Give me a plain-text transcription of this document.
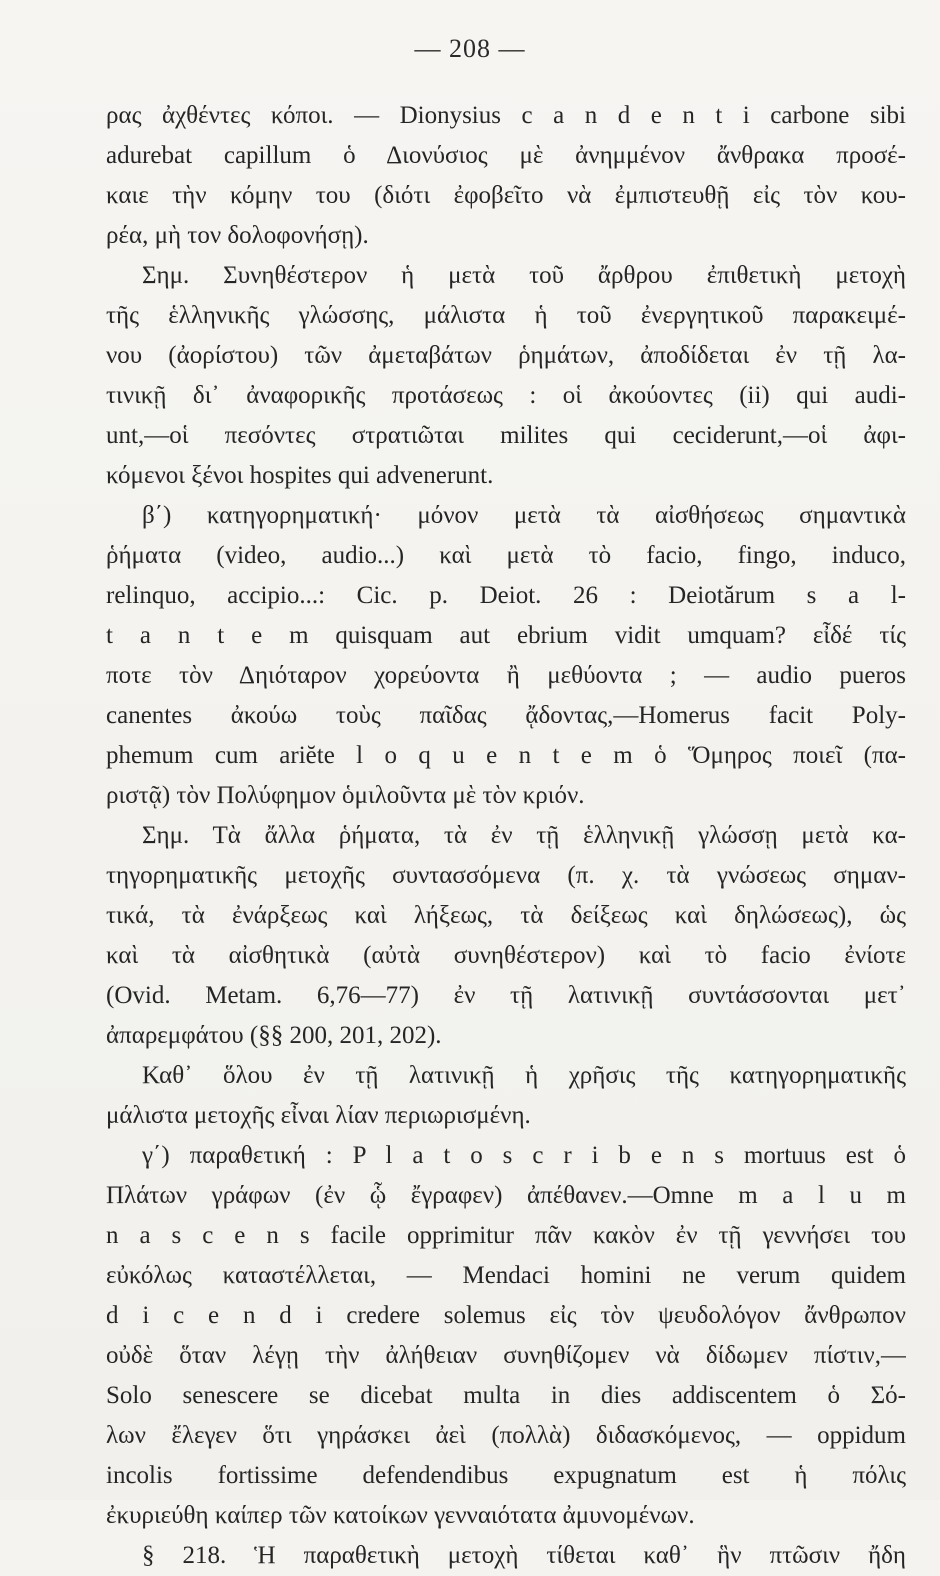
— 208 —
ρας ἀχθέντες κόποι. — Dionysius c a n d e n t i carbone sibi
adurebat capillum ὁ Διονύσιος μὲ ἀνημμένον ἄνθρακα προσέ-
καιε τὴν κόμην του (διότι ἐφοβεῖτο νὰ ἐμπιστευθῇ εἰς τὸν κου-
ρέα, μὴ τον δολοφονήσῃ).
Σημ. Συνηθέστερον ἡ μετὰ τοῦ ἄρθρου ἐπιθετικὴ μετοχὴ
τῆς ἑλληνικῆς γλώσσης, μάλιστα ἡ τοῦ ἐνεργητικοῦ παρακειμέ-
νου (ἀορίστου) τῶν ἀμεταβάτων ῥημάτων, ἀποδίδεται ἐν τῇ λα-
τινικῇ δι᾽ ἀναφορικῆς προτάσεως : οἱ ἀκούοντες (ii) qui audi-
unt,—οἱ πεσόντες στρατιῶται milites qui ceciderunt,—οἱ ἀφι-
κόμενοι ξένοι hospites qui advenerunt.
β΄) κατηγορηματική· μόνον μετὰ τὰ αἰσθήσεως σημαντικὰ
ῥήματα (video, audio...) καὶ μετὰ τὸ facio, fingo, induco,
relinquo, accipio...: Cic. p. Deiot. 26 : Deiotărum s a l-
t a n t e m quisquam aut ebrium vidit umquam? εἶδέ τίς
ποτε τὸν Δηιόταρον χορεύοντα ἢ μεθύοντα ; — audio pueros
canentes ἀκούω τοὺς παῖδας ᾄδοντας,—Homerus facit Poly-
phemum cum ariĕte l o q u e n t e m ὁ Ὅμηρος ποιεῖ (πα-
ριστᾷ) τὸν Πολύφημον ὁμιλοῦντα μὲ τὸν κριόν.
Σημ. Τὰ ἄλλα ῥήματα, τὰ ἐν τῇ ἑλληνικῇ γλώσσῃ μετὰ κα-
τηγορηματικῆς μετοχῆς συντασσόμενα (π. χ. τὰ γνώσεως σημαν-
τικά, τὰ ἐνάρξεως καὶ λήξεως, τὰ δείξεως καὶ δηλώσεως), ὡς
καὶ τὰ αἰσθητικὰ (αὐτὰ συνηθέστερον) καὶ τὸ facio ἐνίοτε
(Ovid. Metam. 6,76—77) ἐν τῇ λατινικῇ συντάσσονται μετ᾽
ἀπαρεμφάτου (§§ 200, 201, 202).
Καθ᾽ ὅλου ἐν τῇ λατινικῇ ἡ χρῆσις τῆς κατηγορηματικῆς
μάλιστα μετοχῆς εἶναι λίαν περιωρισμένη.
γ΄) παραθετική : P l a t o s c r i b e n s mortuus est ὁ
Πλάτων γράφων (ἐν ᾧ ἔγραφεν) ἀπέθανεν.—Omne m a l u m
n a s c e n s facile opprimitur πᾶν κακὸν ἐν τῇ γεννήσει του
εὐκόλως καταστέλλεται, — Mendaci homini ne verum quidem
d i c e n d i credere solemus εἰς τὸν ψευδολόγον ἄνθρωπον
οὐδὲ ὅταν λέγῃ τὴν ἀλήθειαν συνηθίζομεν νὰ δίδωμεν πίστιν,—
Solo senescere se dicebat multa in dies addiscentem ὁ Σό-
λων ἔλεγεν ὅτι γηράσκει ἀεὶ (πολλὰ) διδασκόμενος, — oppidum
incolis fortissime defendendibus expugnatum est ἡ πόλις
ἐκυριεύθη καίπερ τῶν κατοίκων γενναιότατα ἀμυνομένων.
§ 218. Ἡ παραθετικὴ μετοχὴ τίθεται καθ᾽ ἣν πτῶσιν ἤδη
